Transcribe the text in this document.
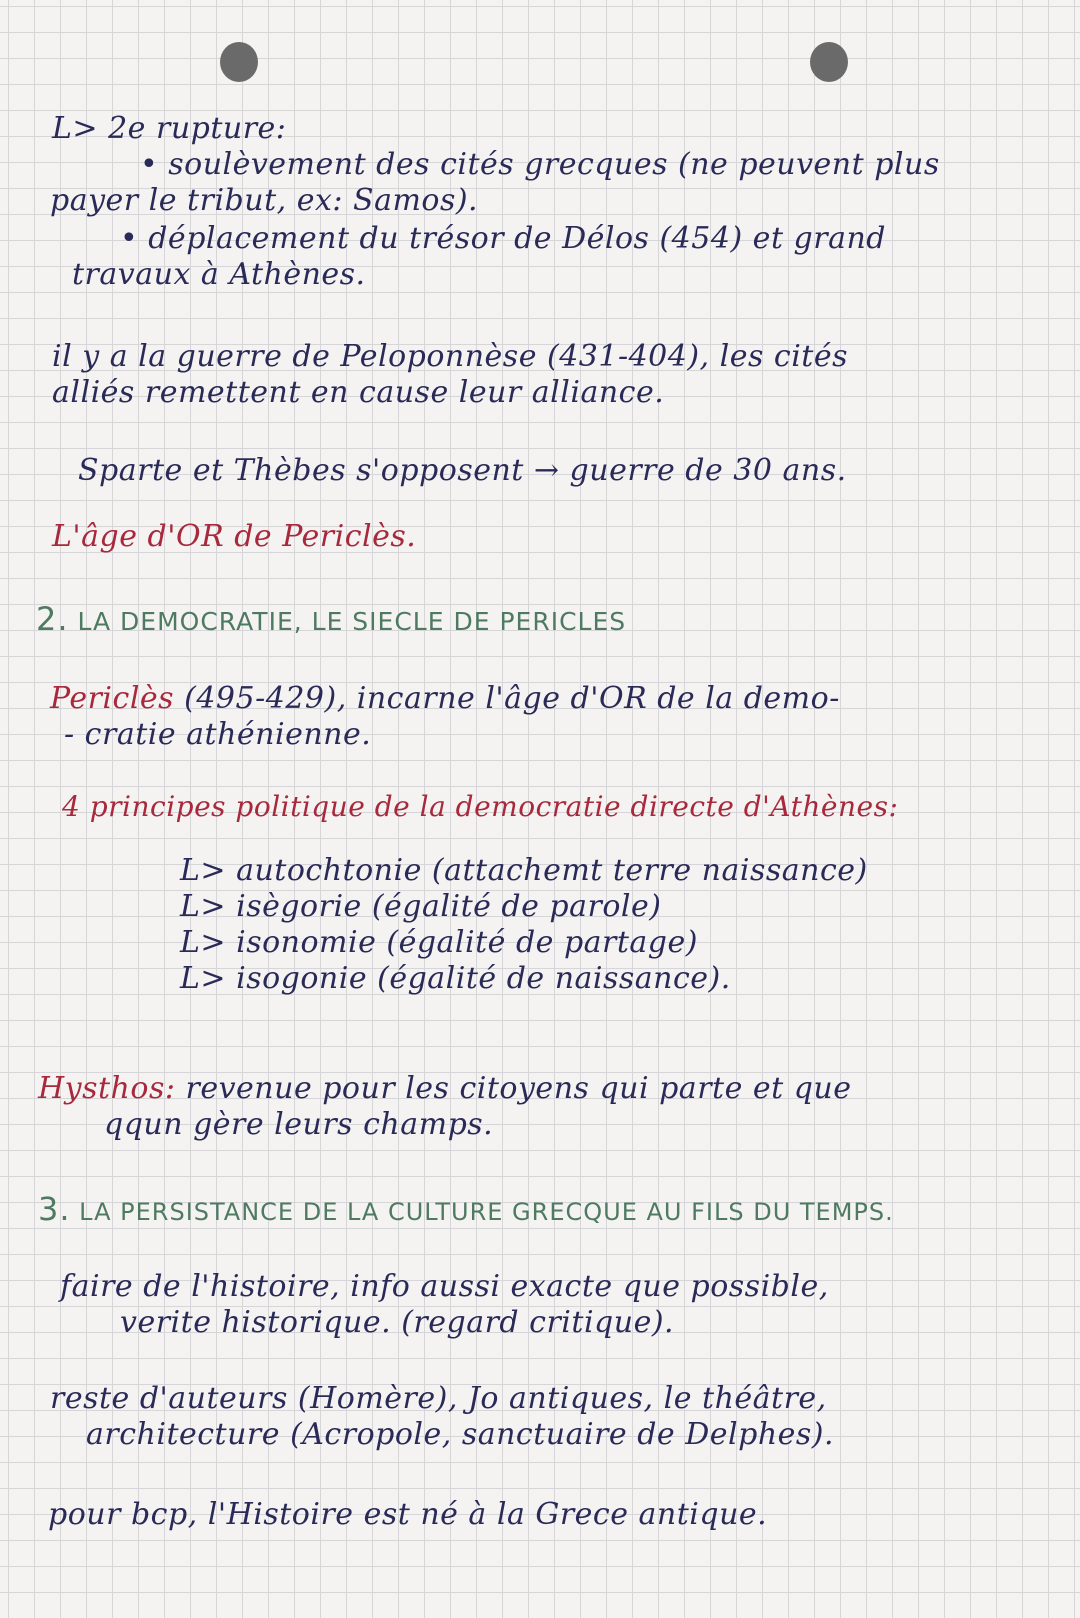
L> 2e rupture:
• soulèvement des cités grecques (ne peuvent plus
payer le tribut, ex: Samos).
• déplacement du trésor de Délos (454) et grand
travaux à Athènes.
il y a la guerre de Peloponnèse (431-404), les cités
alliés remettent en cause leur alliance.
Sparte et Thèbes s'opposent → guerre de 30 ans.
L'âge d'OR de Periclès.
2. LA DEMOCRATIE, LE SIECLE DE PERICLES
Periclès (495-429), incarne l'âge d'OR de la demo-
- cratie athénienne.
4 principes politique de la democratie directe d'Athènes:
L> autochtonie (attachemt terre naissance)
L> isègorie (égalité de parole)
L> isonomie (égalité de partage)
L> isogonie (égalité de naissance).
Hysthos: revenue pour les citoyens qui parte et que
qqun gère leurs champs.
3. LA PERSISTANCE DE LA CULTURE GRECQUE AU FILS DU TEMPS.
faire de l'histoire, info aussi exacte que possible,
verite historique. (regard critique).
reste d'auteurs (Homère), Jo antiques, le théâtre,
architecture (Acropole, sanctuaire de Delphes).
pour bcp, l'Histoire est né à la Grece antique.
